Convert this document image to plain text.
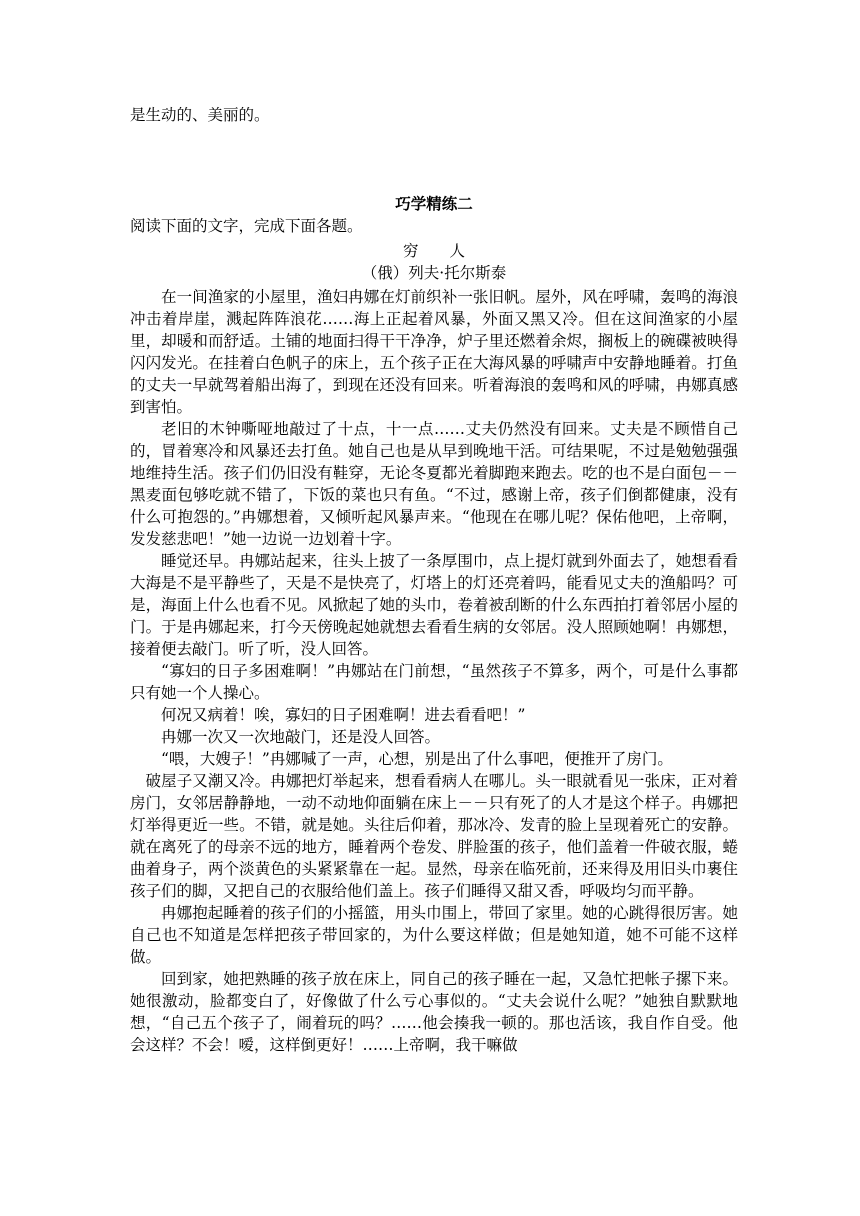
是生动的、美丽的。
巧学精练二
阅读下面的文字，完成下面各题。
穷　　人
（俄）列夫·托尔斯泰

在一间渔家的小屋里，渔妇冉娜在灯前织补一张旧帆。屋外，风在呼啸，轰鸣的海浪冲击着岸崖，溅起阵阵浪花……海上正起着风暴，外面又黑又冷。但在这间渔家的小屋里，却暖和而舒适。土铺的地面扫得干干净净，炉子里还燃着余烬，搁板上的碗碟被映得闪闪发光。在挂着白色帆子的床上，五个孩子正在大海风暴的呼啸声中安静地睡着。打鱼的丈夫一早就驾着船出海了，到现在还没有回来。听着海浪的轰鸣和风的呼啸，冉娜真感到害怕。

老旧的木钟嘶哑地敲过了十点，十一点……丈夫仍然没有回来。丈夫是不顾惜自己的，冒着寒冷和风暴还去打鱼。她自己也是从早到晚地干活。可结果呢，不过是勉勉强强地维持生活。孩子们仍旧没有鞋穿，无论冬夏都光着脚跑来跑去。吃的也不是白面包－－黑麦面包够吃就不错了，下饭的菜也只有鱼。“不过，感谢上帝，孩子们倒都健康，没有什么可抱怨的。”冉娜想着，又倾听起风暴声来。“他现在在哪儿呢？保佑他吧，上帝啊，发发慈悲吧！”她一边说一边划着十字。

睡觉还早。冉娜站起来，往头上披了一条厚围巾，点上提灯就到外面去了，她想看看大海是不是平静些了，天是不是快亮了，灯塔上的灯还亮着吗，能看见丈夫的渔船吗？可是，海面上什么也看不见。风掀起了她的头巾，卷着被刮断的什么东西拍打着邻居小屋的门。于是冉娜起来，打今天傍晚起她就想去看看生病的女邻居。没人照顾她啊！冉娜想，接着便去敲门。听了听，没人回答。

“寡妇的日子多困难啊！”冉娜站在门前想，“虽然孩子不算多，两个，可是什么事都只有她一个人操心。

何况又病着！唉，寡妇的日子困难啊！进去看看吧！”

冉娜一次又一次地敲门，还是没人回答。

“喂，大嫂子！”冉娜喊了一声，心想，别是出了什么事吧，便推开了房门。

破屋子又潮又冷。冉娜把灯举起来，想看看病人在哪儿。头一眼就看见一张床，正对着房门，女邻居静静地，一动不动地仰面躺在床上－－只有死了的人才是这个样子。冉娜把灯举得更近一些。不错，就是她。头往后仰着，那冰冷、发青的脸上呈现着死亡的安静。就在离死了的母亲不远的地方，睡着两个卷发、胖脸蛋的孩子，他们盖着一件破衣服，蜷曲着身子，两个淡黄色的头紧紧靠在一起。显然，母亲在临死前，还来得及用旧头巾裹住孩子们的脚，又把自己的衣服给他们盖上。孩子们睡得又甜又香，呼吸均匀而平静。

冉娜抱起睡着的孩子们的小摇篮，用头巾围上，带回了家里。她的心跳得很厉害。她自己也不知道是怎样把孩子带回家的，为什么要这样做；但是她知道，她不可能不这样做。

回到家，她把熟睡的孩子放在床上，同自己的孩子睡在一起，又急忙把帐子摞下来。她很激动，脸都变白了，好像做了什么亏心事似的。“丈夫会说什么呢？”她独自默默地想，“自己五个孩子了，闹着玩的吗？……他会揍我一顿的。那也活该，我自作自受。他会这样？不会！嗳，这样倒更好！……上帝啊，我干嘛做
